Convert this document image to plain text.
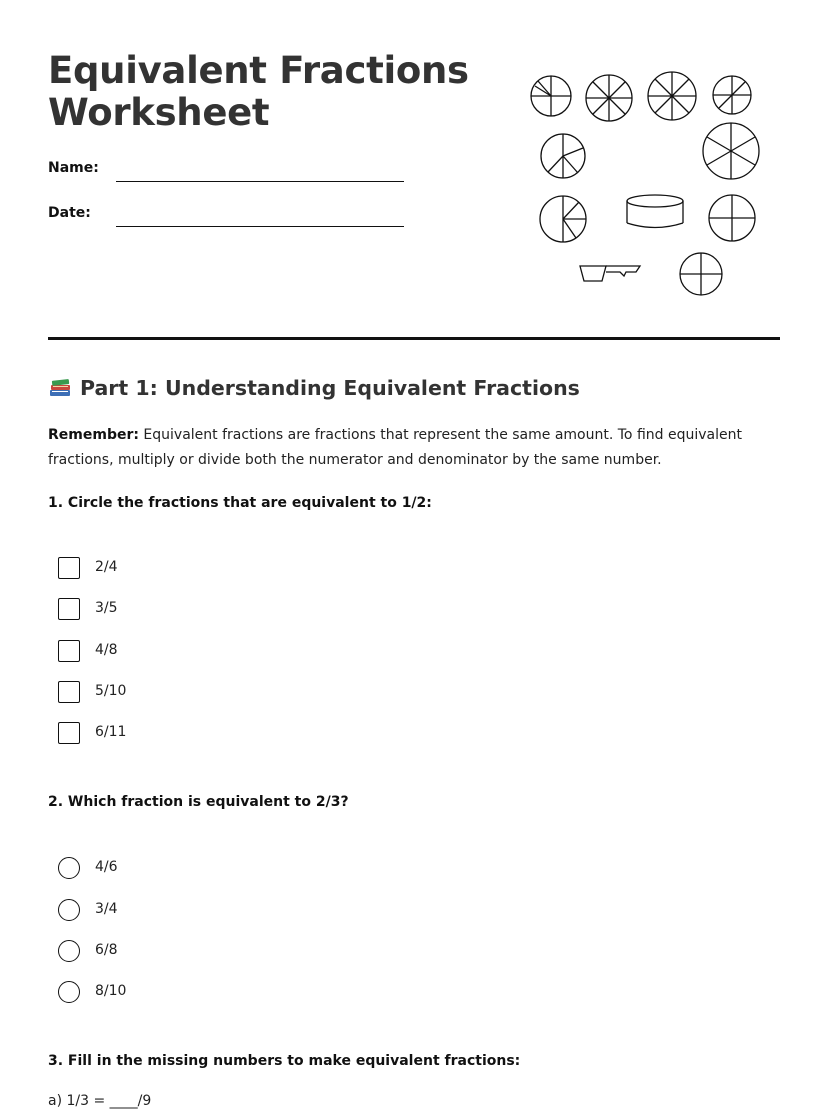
Equivalent Fractions
Worksheet
Name:
Date:
Part 1: Understanding Equivalent Fractions

Remember: Equivalent fractions are fractions that represent the same amount. To find equivalent fractions, multiply or divide both the numerator and denominator by the same number.

1. Circle the fractions that are equivalent to 1/2:

2/4
3/5
4/8
5/10
6/11

2. Which fraction is equivalent to 2/3?

4/6
3/4
6/8
8/10

3. Fill in the missing numbers to make equivalent fractions:

a) 1/3 = ____/9
